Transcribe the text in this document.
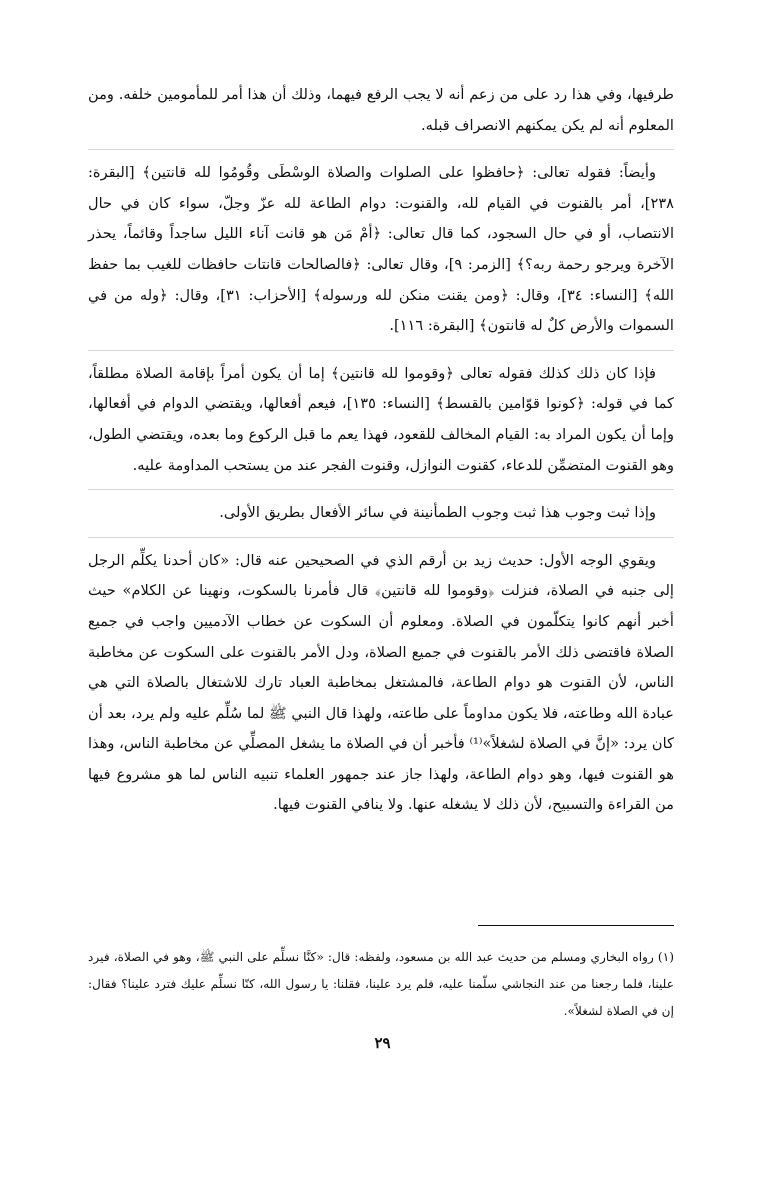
طرفيها، وفي هذا رد على من زعم أنه لا يجب الرفع فيهما، وذلك أن هذا أمر للمأمومين خلفه. ومن المعلوم أنه لم يكن يمكنهم الانصراف قبله.

وأيضاً: فقوله تعالى: ﴿حافظوا على الصلوات والصلاة الوسْطَى وقُومُوا لله قانتين﴾ [البقرة: ٢٣٨]، أمر بالقنوت في القيام لله، والقنوت: دوام الطاعة لله عزّ وجلّ، سواء كان في حال الانتصاب، أو في حال السجود، كما قال تعالى: ﴿أمْ مَن هو قانت آناء الليل ساجداً وقائماً، يحذر الآخرة ويرجو رحمة ربه؟﴾ [الزمر: ٩]، وقال تعالى: ﴿فالصالحات قانتات حافظات للغيب بما حفظ الله﴾ [النساء: ٣٤]، وقال: ﴿ومن يقنت منكن لله ورسوله﴾ [الأحزاب: ٣١]، وقال: ﴿وله من في السموات والأرض كلٌ له قانتون﴾ [البقرة: ١١٦].

فإذا كان ذلك كذلك فقوله تعالى ﴿وقوموا لله قانتين﴾ إما أن يكون أمراً بإقامة الصلاة مطلقاً، كما في قوله: ﴿كونوا قوّامين بالقسط﴾ [النساء: ١٣٥]، فيعم أفعالها، ويقتضي الدوام في أفعالها، وإما أن يكون المراد به: القيام المخالف للقعود، فهذا يعم ما قبل الركوع وما بعده، ويقتضي الطول، وهو القنوت المتضمِّن للدعاء، كقنوت النوازل، وقنوت الفجر عند من يستحب المداومة عليه.

وإذا ثبت وجوب هذا ثبت وجوب الطمأنينة في سائر الأفعال بطريق الأولى.

ويقوي الوجه الأول: حديث زيد بن أرقم الذي في الصحيحين عنه قال: «كان أحدنا يكلِّم الرجل إلى جنبه في الصلاة، فنزلت ﴿وقوموا لله قانتين﴾ قال فأمرنا بالسكوت، ونهينا عن الكلام» حيث أخبر أنهم كانوا يتكلّمون في الصلاة. ومعلوم أن السكوت عن خطاب الآدميين واجب في جميع الصلاة فاقتضى ذلك الأمر بالقنوت في جميع الصلاة، ودل الأمر بالقنوت على السكوت عن مخاطبة الناس، لأن القنوت هو دوام الطاعة، فالمشتغل بمخاطبة العباد تارك للاشتغال بالصلاة التي هي عبادة الله وطاعته، فلا يكون مداوماً على طاعته، ولهذا قال النبي ﷺ لما سُلِّم عليه ولم يرد، بعد أن كان يرد: «إنَّ في الصلاة لشغلاً»⁽¹⁾ فأخبر أن في الصلاة ما يشغل المصلِّي عن مخاطبة الناس، وهذا هو القنوت فيها، وهو دوام الطاعة، ولهذا جاز عند جمهور العلماء تنبيه الناس لما هو مشروع فيها من القراءة والتسبيح، لأن ذلك لا يشغله عنها. ولا ينافي القنوت فيها.

(١) رواه البخاري ومسلم من حديث عبد الله بن مسعود، ولفظه: قال: «كنَّا نسلِّم على النبي ﷺ، وهو في الصلاة، فيرد علينا، فلما رجعنا من عند النجاشي سلّمنا عليه، فلم يرد علينا، فقلنا: يا رسول الله، كنّا نسلِّم عليك فترد علينا؟ فقال: إن في الصلاة لشغلاً».

٢٩
